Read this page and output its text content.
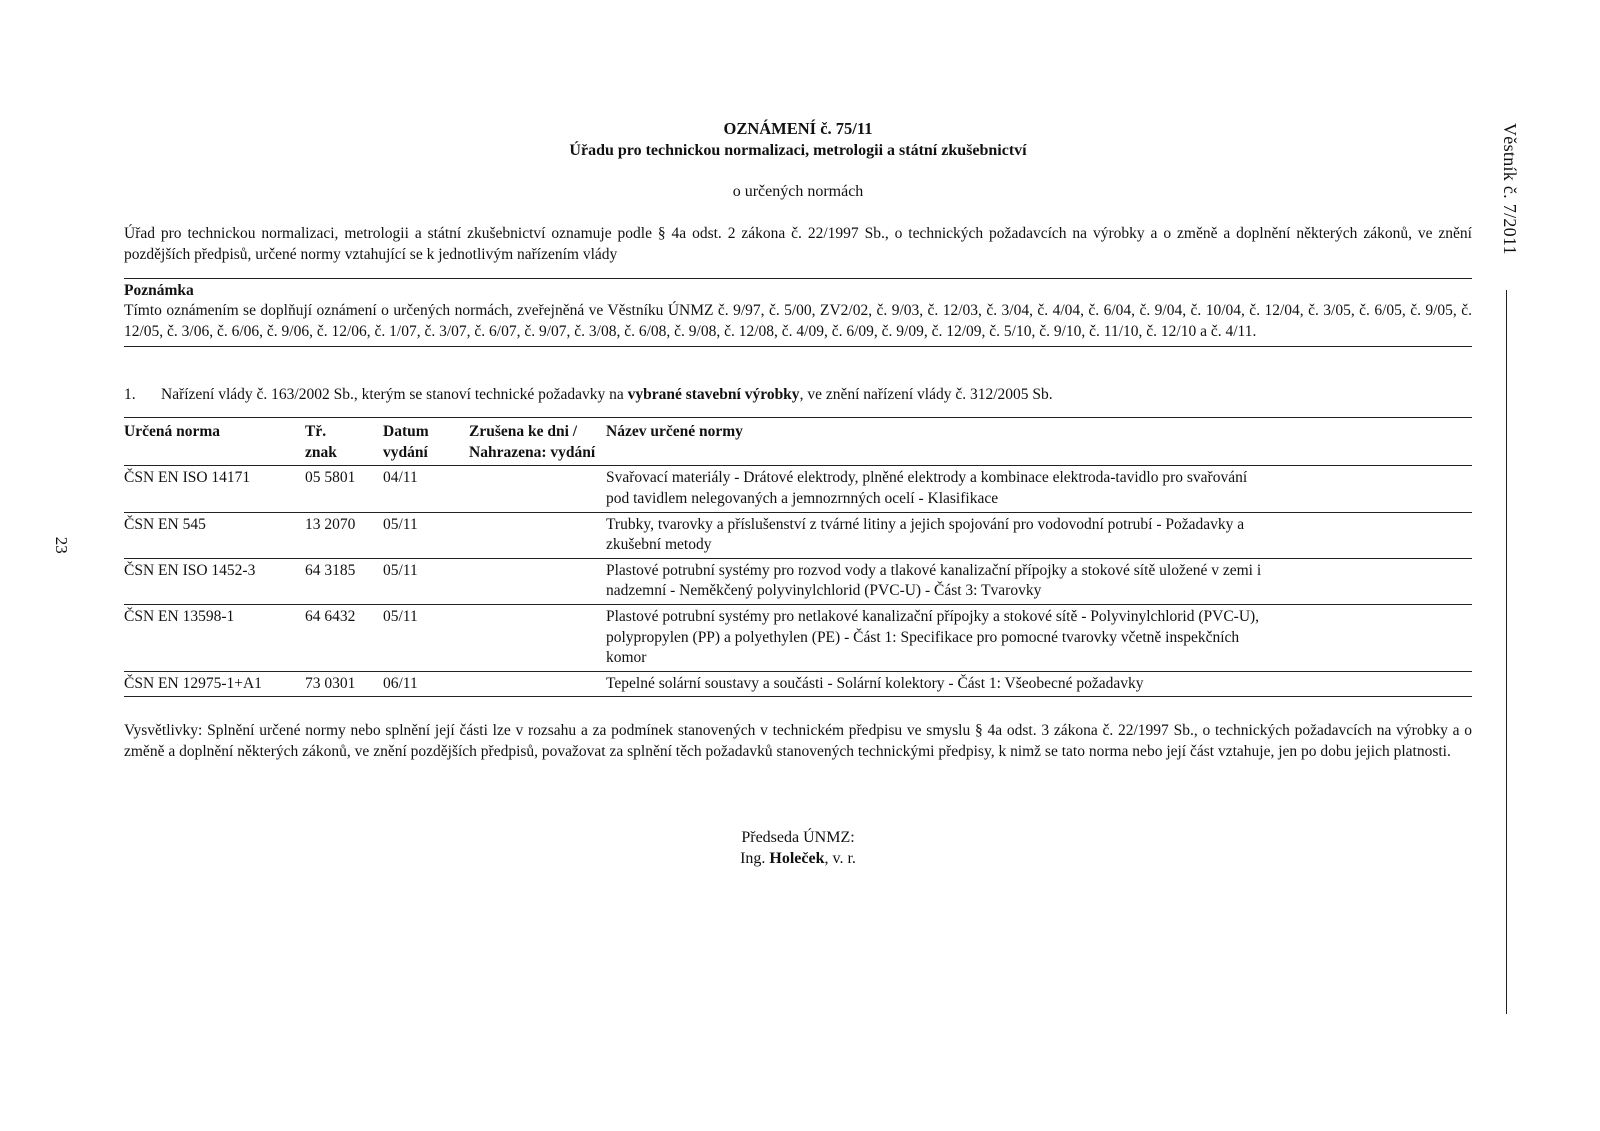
23
Věstník č. 7/2011

OZNÁMENÍ č. 75/11

Úřadu pro technickou normalizaci, metrologii a státní zkušebnictví

o určených normách

Úřad pro technickou normalizaci, metrologii a státní zkušebnictví oznamuje podle § 4a odst. 2 zákona č. 22/1997 Sb., o technických požadavcích na výrobky a o změně a doplnění některých zákonů, ve znění pozdějších předpisů, určené normy vztahující se k jednotlivým nařízením vlády

Poznámka
Tímto oznámením se doplňují oznámení o určených normách, zveřejněná ve Věstníku ÚNMZ č. 9/97, č. 5/00, ZV2/02, č. 9/03, č. 12/03, č. 3/04, č. 4/04, č. 6/04, č. 9/04, č. 10/04, č. 12/04, č. 3/05, č. 6/05, č. 9/05, č. 12/05, č. 3/06, č. 6/06, č. 9/06, č. 12/06, č. 1/07, č. 3/07, č. 6/07, č. 9/07, č. 3/08, č. 6/08, č. 9/08, č. 12/08, č. 4/09, č. 6/09, č. 9/09, č. 12/09, č. 5/10, č. 9/10, č. 11/10, č. 12/10 a č. 4/11.
1.	Nařízení vlády č. 163/2002 Sb., kterým se stanoví technické požadavky na vybrané stavební výrobky, ve znění nařízení vlády č. 312/2005 Sb.
Určená norma	Tř. znak	Datum vydání	Zrušena ke dni / Nahrazena: vydání	Název určené normy
ČSN EN ISO 14171	05 5801	04/11		Svařovací materiály - Drátové elektrody, plněné elektrody a kombinace elektroda-tavidlo pro svařování pod tavidlem nelegovaných a jemnozrnných ocelí - Klasifikace
ČSN EN 545	13 2070	05/11		Trubky, tvarovky a příslušenství z tvárné litiny a jejich spojování pro vodovodní potrubí - Požadavky a zkušební metody
ČSN EN ISO 1452-3	64 3185	05/11		Plastové potrubní systémy pro rozvod vody a tlakové kanalizační přípojky a stokové sítě uložené v zemi i nadzemní - Neměkčený polyvinylchlorid (PVC-U) - Část 3: Tvarovky
ČSN EN 13598-1	64 6432	05/11		Plastové potrubní systémy pro netlakové kanalizační přípojky a stokové sítě - Polyvinylchlorid (PVC-U), polypropylen (PP) a polyethylen (PE) - Část 1: Specifikace pro pomocné tvarovky včetně inspekčních komor
ČSN EN 12975-1+A1	73 0301	06/11		Tepelné solární soustavy a součásti - Solární kolektory - Část 1: Všeobecné požadavky

Vysvětlivky: Splnění určené normy nebo splnění její části lze v rozsahu a za podmínek stanovených v technickém předpisu ve smyslu § 4a odst. 3 zákona č. 22/1997 Sb., o technických požadavcích na výrobky a o změně a doplnění některých zákonů, ve znění pozdějších předpisů, považovat za splnění těch požadavků stanovených technickými předpisy, k nimž se tato norma nebo její část vztahuje, jen po dobu jejich platnosti.

Předseda ÚNMZ:
Ing. Holeček, v. r.
